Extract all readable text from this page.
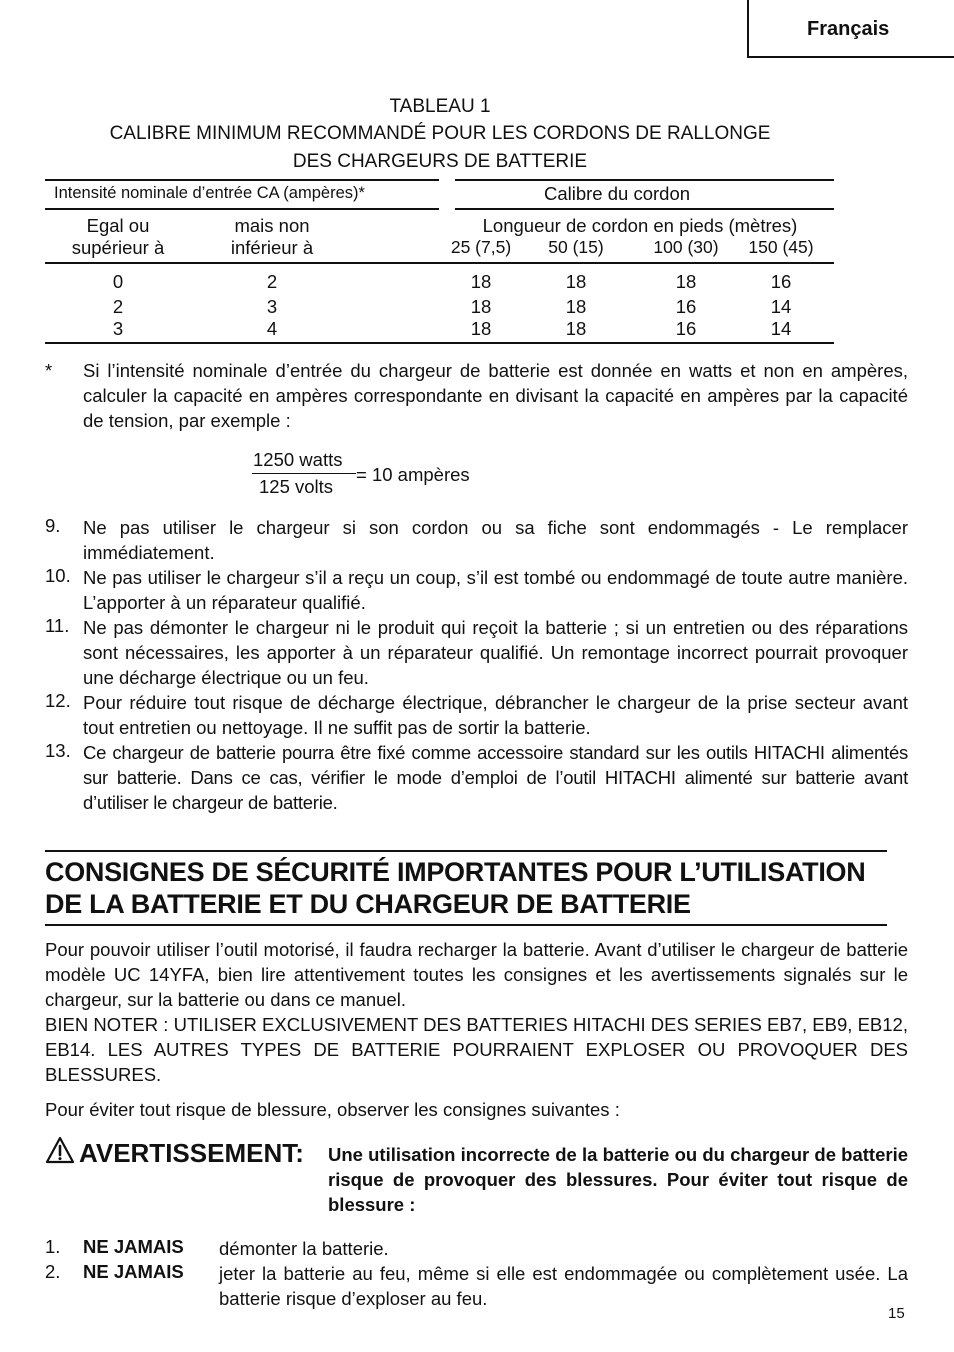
Français
TABLEAU 1
CALIBRE MINIMUM RECOMMANDÉ POUR LES CORDONS DE RALLONGE
DES CHARGEURS DE BATTERIE
Intensité nominale d’entrée CA (ampères)*	Calibre du cordon
Egal ou
supérieur à
mais non
inférieur à
Longueur de cordon en pieds (mètres)
25 (7,5) 50 (15)	100 (30) 150 (45)
0	2	18	18	18	16
2	3	18	18	16	14
3	4	18	18	16	14
* Si l’intensité nominale d’entrée du chargeur de batterie est donnée en watts et non en ampères, calculer la capacité en ampères correspondante en divisant la capacité en ampères par la capacité de tension, par exemple :
1250 watts
125 volts
= 10 ampères
9. Ne pas utiliser le chargeur si son cordon ou sa fiche sont endommagés - Le remplacer immédiatement.
10. Ne pas utiliser le chargeur s’il a reçu un coup, s’il est tombé ou endommagé de toute autre manière. L’apporter à un réparateur qualifié.
11. Ne pas démonter le chargeur ni le produit qui reçoit la batterie ; si un entretien ou des réparations sont nécessaires, les apporter à un réparateur qualifié. Un remontage incorrect pourrait provoquer une décharge électrique ou un feu.
12. Pour réduire tout risque de décharge électrique, débrancher le chargeur de la prise secteur avant tout entretien ou nettoyage. Il ne suffit pas de sortir la batterie.
13. Ce chargeur de batterie pourra être fixé comme accessoire standard sur les outils HITACHI alimentés sur batterie. Dans ce cas, vérifier le mode d’emploi de l’outil HITACHI alimenté sur batterie avant d’utiliser le chargeur de batterie.
CONSIGNES DE SÉCURITÉ IMPORTANTES POUR L’UTILISATION
DE LA BATTERIE ET DU CHARGEUR DE BATTERIE
Pour pouvoir utiliser l’outil motorisé, il faudra recharger la batterie. Avant d’utiliser le chargeur de batterie modèle UC 14YFA, bien lire attentivement toutes les consignes et les avertissements signalés sur le chargeur, sur la batterie ou dans ce manuel.
BIEN NOTER : UTILISER EXCLUSIVEMENT DES BATTERIES HITACHI DES SERIES EB7, EB9, EB12, EB14. LES AUTRES TYPES DE BATTERIE POURRAIENT EXPLOSER OU PROVOQUER DES BLESSURES.
Pour éviter tout risque de blessure, observer les consignes suivantes :
AVERTISSEMENT: Une utilisation incorrecte de la batterie ou du chargeur de batterie risque de provoquer des blessures. Pour éviter tout risque de blessure :
1. NE JAMAIS démonter la batterie.
2. NE JAMAIS jeter la batterie au feu, même si elle est endommagée ou complètement usée. La batterie risque d’exploser au feu.
15
